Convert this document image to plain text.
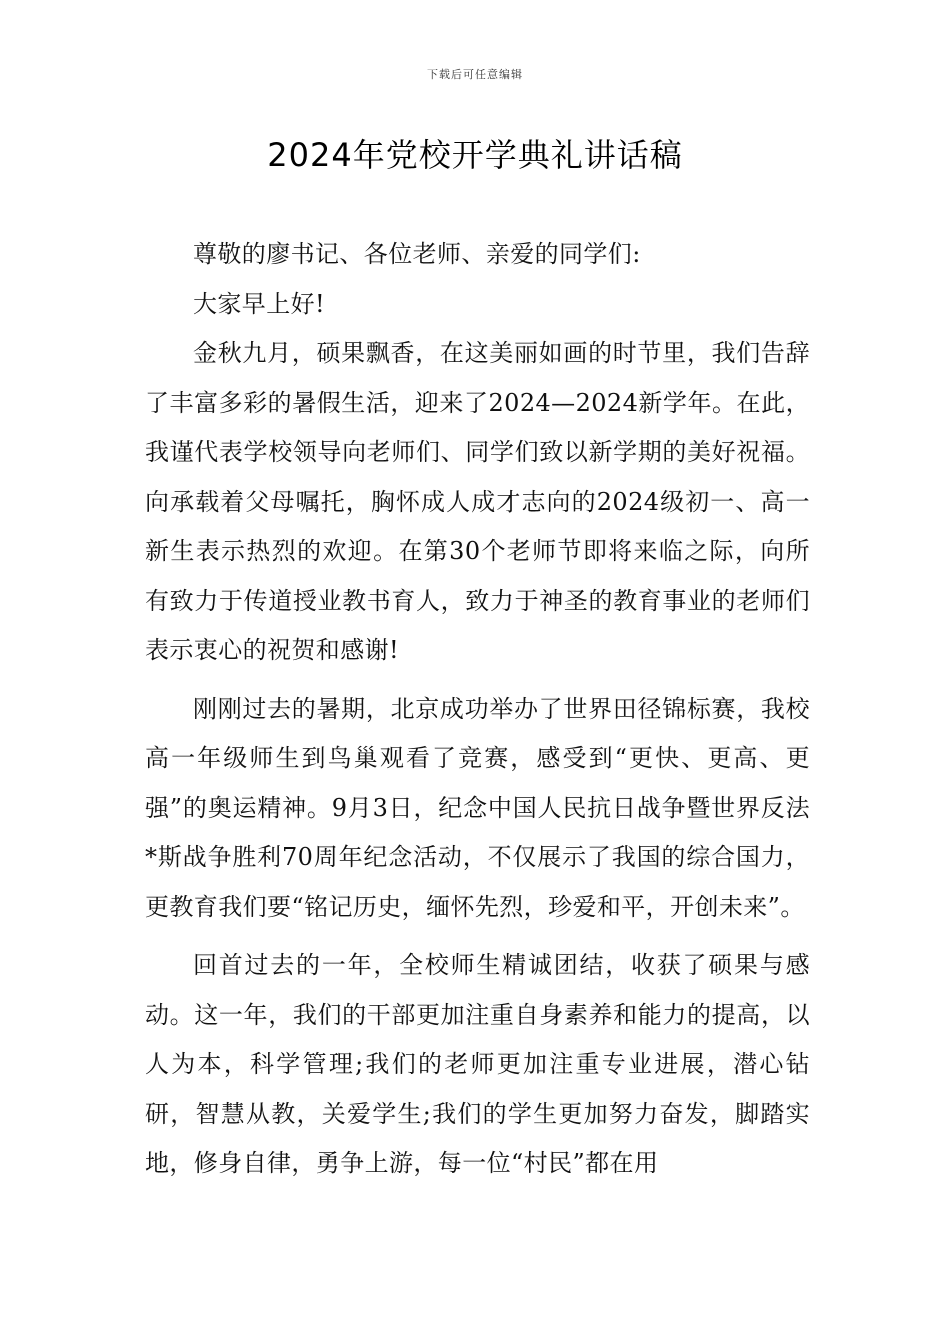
下载后可任意编辑
2024年党校开学典礼讲话稿

尊敬的廖书记、各位老师、亲爱的同学们:

大家早上好!

金秋九月，硕果飘香，在这美丽如画的时节里，我们告辞了丰富多彩的暑假生活，迎来了2024—2024新学年。在此，我谨代表学校领导向老师们、同学们致以新学期的美好祝福。向承载着父母嘱托，胸怀成人成才志向的2024级初一、高一新生表示热烈的欢迎。在第30个老师节即将来临之际，向所有致力于传道授业教书育人，致力于神圣的教育事业的老师们表示衷心的祝贺和感谢!

刚刚过去的暑期，北京成功举办了世界田径锦标赛，我校高一年级师生到鸟巢观看了竞赛，感受到“更快、更高、更强”的奥运精神。9月3日，纪念中国人民抗日战争暨世界反法*斯战争胜利70周年纪念活动，不仅展示了我国的综合国力，更教育我们要“铭记历史，缅怀先烈，珍爱和平，开创未来”。

回首过去的一年，全校师生精诚团结，收获了硕果与感动。这一年，我们的干部更加注重自身素养和能力的提高，以人为本，科学管理;我们的老师更加注重专业进展，潜心钻研，智慧从教，关爱学生;我们的学生更加努力奋发，脚踏实地，修身自律，勇争上游，每一位“村民”都在用
